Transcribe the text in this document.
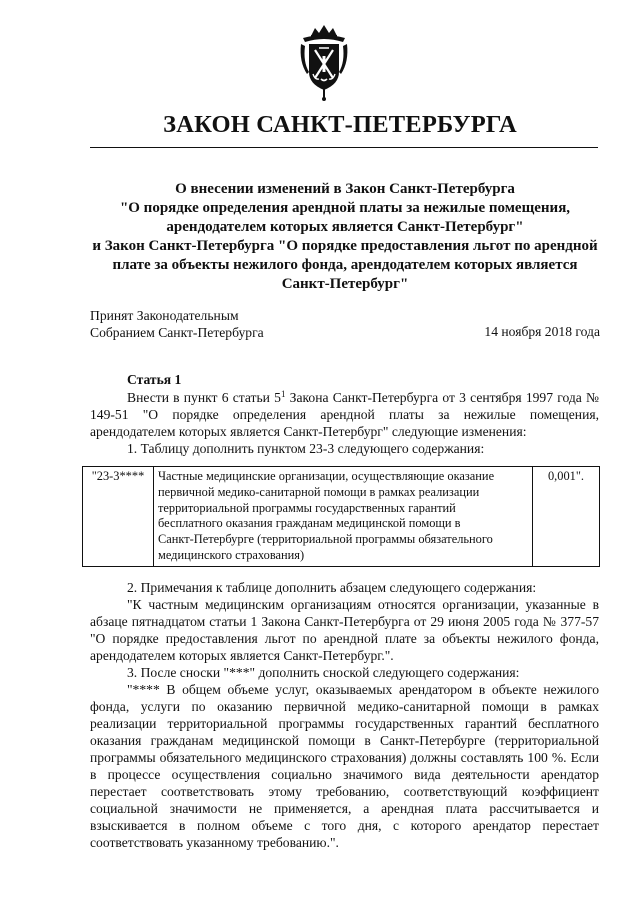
ЗАКОН САНКТ-ПЕТЕРБУРГА
О внесении изменений в Закон Санкт-Петербурга
"О порядке определения арендной платы за нежилые помещения,
арендодателем которых является Санкт-Петербург"
и Закон Санкт-Петербурга "О порядке предоставления льгот по арендной
плате за объекты нежилого фонда, арендодателем которых является
Санкт-Петербург"
Принят Законодательным
Собранием Санкт-Петербурга	14 ноября 2018 года
Статья 1

Внести в пункт 6 статьи $5^1$ Закона Санкт-Петербурга от 3 сентября 1997 года № 149-51 "О порядке определения арендной платы за нежилые помещения, арендодателем которых является Санкт-Петербург" следующие изменения:

1. Таблицу дополнить пунктом 23-3 следующего содержания:

"23-3****	Частные медицинские организации, осуществляющие оказание
первичной медико-санитарной помощи в рамках реализации
территориальной программы государственных гарантий
бесплатного оказания гражданам медицинской помощи в
Санкт-Петербурге (территориальной программы обязательного
медицинского страхования)
	0,001".

2. Примечания к таблице дополнить абзацем следующего содержания:

"К частным медицинским организациям относятся организации, указанные в абзаце пятнадцатом статьи 1 Закона Санкт-Петербурга от 29 июня 2005 года № 377-57 "О порядке предоставления льгот по арендной плате за объекты нежилого фонда, арендодателем которых является Санкт-Петербург.".

3. После сноски "***" дополнить сноской следующего содержания:

"**** В общем объеме услуг, оказываемых арендатором в объекте нежилого фонда, услуги по оказанию первичной медико-санитарной помощи в рамках реализации территориальной программы государственных гарантий бесплатного оказания гражданам медицинской помощи в Санкт-Петербурге (территориальной программы обязательного медицинского страхования) должны составлять 100 %. Если в процессе осуществления социально значимого вида деятельности арендатор перестает соответствовать этому требованию, соответствующий коэффициент социальной значимости не применяется, а арендная плата рассчитывается и взыскивается в полном объеме с того дня, с которого арендатор перестает соответствовать указанному требованию.".
